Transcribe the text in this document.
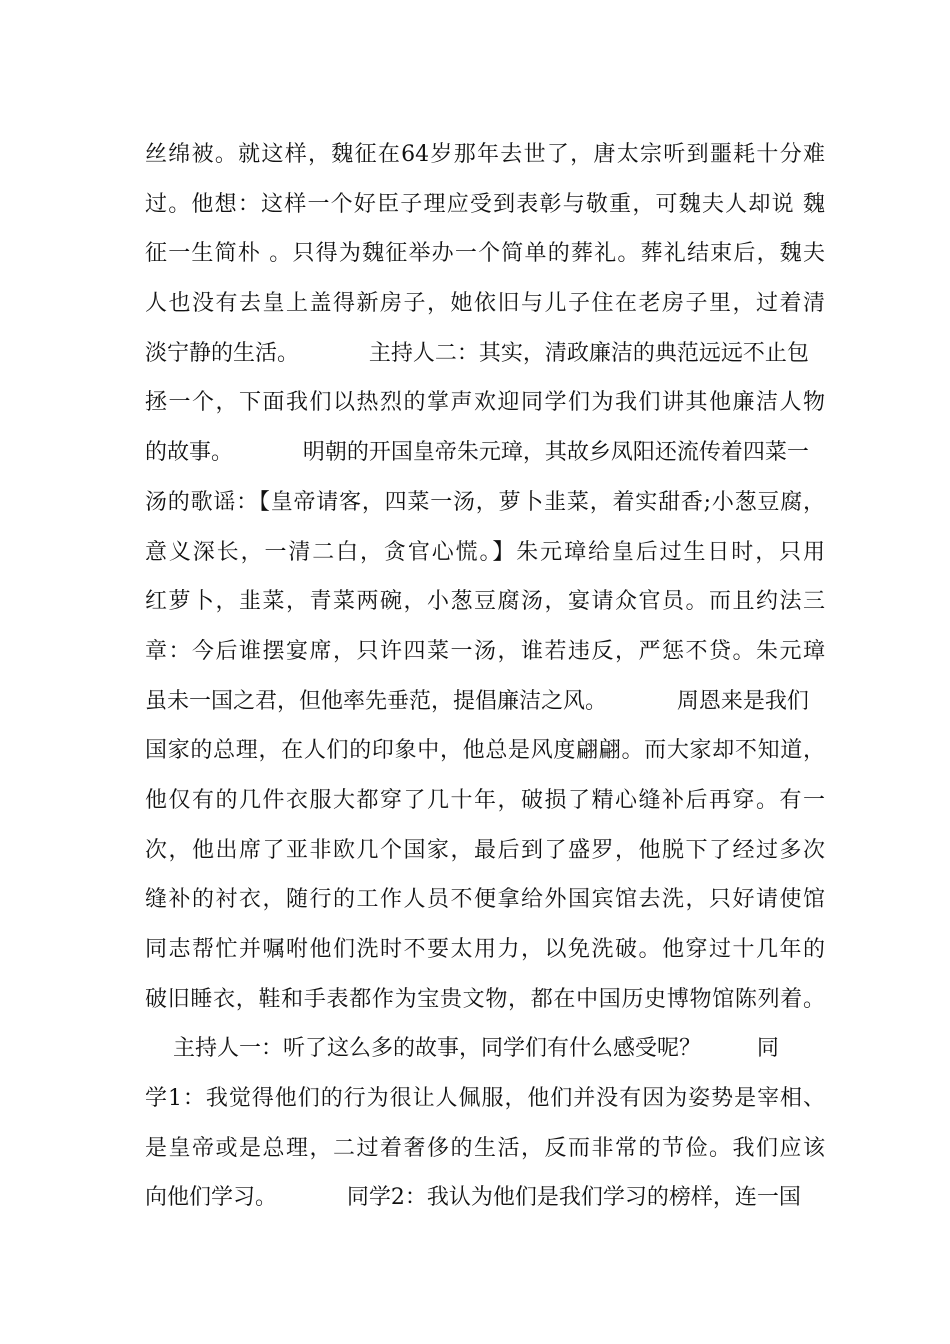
丝绵被。就这样，魏征在64岁那年去世了，唐太宗听到噩耗十分难
过。他想：这样一个好臣子理应受到表彰与敬重，可魏夫人却说 魏
征一生简朴 。只得为魏征举办一个简单的葬礼。葬礼结束后，魏夫
人也没有去皇上盖得新房子，她依旧与儿子住在老房子里，过着清
淡宁静的生活。          主持人二：其实，清政廉洁的典范远远不止包
拯一个，下面我们以热烈的掌声欢迎同学们为我们讲其他廉洁人物
的故事。          明朝的开国皇帝朱元璋，其故乡凤阳还流传着四菜一
汤的歌谣：【皇帝请客，四菜一汤，萝卜韭菜，着实甜香;小葱豆腐，
意义深长，一清二白，贪官心慌。】朱元璋给皇后过生日时，只用
红萝卜，韭菜，青菜两碗，小葱豆腐汤，宴请众官员。而且约法三
章：今后谁摆宴席，只许四菜一汤，谁若违反，严惩不贷。朱元璋
虽未一国之君，但他率先垂范，提倡廉洁之风。          周恩来是我们
国家的总理，在人们的印象中，他总是风度翩翩。而大家却不知道，
他仅有的几件衣服大都穿了几十年，破损了精心缝补后再穿。有一
次，他出席了亚非欧几个国家，最后到了盛罗，他脱下了经过多次
缝补的衬衣，随行的工作人员不便拿给外国宾馆去洗，只好请使馆
同志帮忙并嘱咐他们洗时不要太用力，以免洗破。他穿过十几年的
破旧睡衣，鞋和手表都作为宝贵文物，都在中国历史博物馆陈列着。
主持人一：听了这么多的故事，同学们有什么感受呢？        同
学1：我觉得他们的行为很让人佩服，他们并没有因为姿势是宰相、
是皇帝或是总理，二过着奢侈的生活，反而非常的节俭。我们应该
向他们学习。          同学2：我认为他们是我们学习的榜样，连一国
